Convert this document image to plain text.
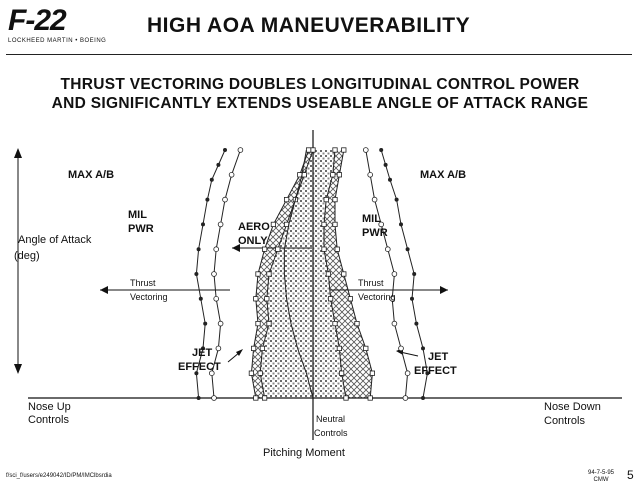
F-22
LOCKHEED MARTIN • BOEING
HIGH AOA MANEUVERABILITY
THRUST VECTORING DOUBLES LONGITUDINAL CONTROL POWER
AND SIGNIFICANTLY EXTENDS USEABLE ANGLE OF ATTACK RANGE
MAX A/B
MIL
PWR
MAX A/B
MIL
PWR
AERO
ONLY
JET
EFFECT
JET
EFFECT
Thrust
Vectoring
Thrust
Vectoring
Angle of Attack
(deg)
Nose Up
Controls
Nose Down
Controls
Neutral
Controls
Pitching Moment
f/sci_f/users/e249042/ID/PM/IMClbsrdia	94-7-5-95
CMW	5
